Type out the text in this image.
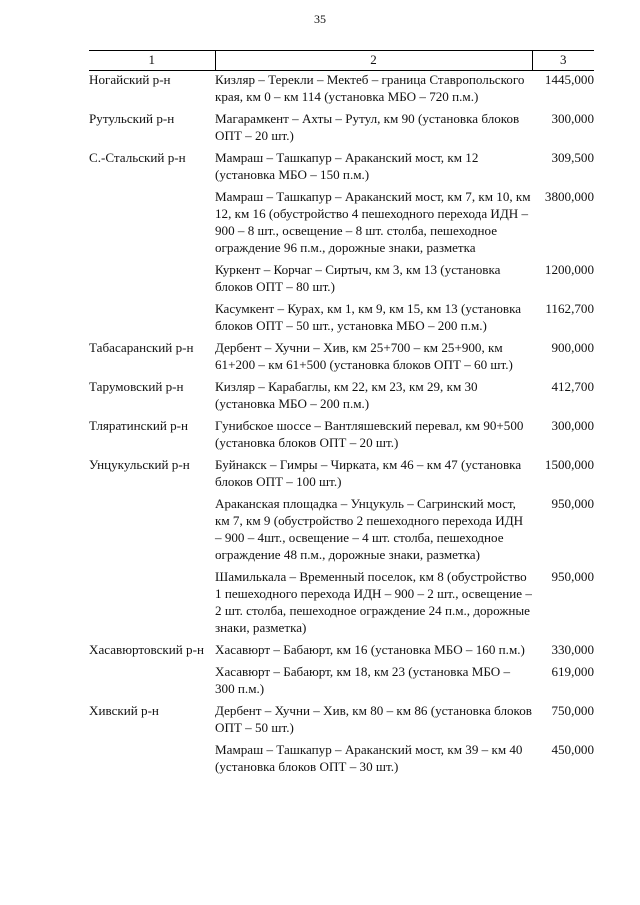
35
1	2	3
Ногайский р-н	Кизляр – Терекли – Мектеб – граница Ставропольского края, км 0 – км 114 (установка МБО – 720 п.м.)	1445,000
Рутульский р-н	Магарамкент – Ахты – Рутул, км 90 (установка блоков ОПТ – 20 шт.)	300,000
С.-Стальский р-н	Мамраш – Ташкапур – Араканский мост, км 12 (установка МБО – 150 п.м.)	309,500
	Мамраш – Ташкапур – Араканский мост, км 7, км 10, км 12, км 16 (обустройство 4 пешеходного перехода ИДН – 900 – 8 шт., освещение – 8 шт. столба, пешеходное ограждение 96 п.м., дорожные знаки, разметка	3800,000
	Куркент – Корчаг – Сиртыч, км 3, км 13 (установка блоков ОПТ – 80 шт.)	1200,000
	Касумкент – Курах, км 1, км 9, км 15, км 13 (установка блоков ОПТ – 50 шт., установка МБО – 200 п.м.)	1162,700
Табасаранский р-н	Дербент – Хучни – Хив, км 25+700 – км 25+900, км 61+200 – км 61+500 (установка блоков ОПТ – 60 шт.)	900,000
Тарумовский р-н	Кизляр – Карабаглы, км 22, км 23, км 29, км 30 (установка МБО – 200 п.м.)	412,700
Тляратинский р-н	Гунибское шоссе – Вантляшевский перевал, км 90+500 (установка блоков ОПТ – 20 шт.)	300,000
Унцукульский р-н	Буйнакск – Гимры – Чирката, км 46 – км 47 (установка блоков ОПТ – 100 шт.)	1500,000
	Араканская площадка – Унцукуль – Сагринский мост, км 7, км 9 (обустройство 2 пешеходного перехода ИДН – 900 – 4шт., освещение – 4 шт. столба, пешеходное ограждение 48 п.м., дорожные знаки, разметка)	950,000
	Шамилькала – Временный поселок, км 8 (обустройство 1 пешеходного перехода ИДН – 900 – 2 шт., освещение – 2 шт. столба, пешеходное ограждение 24 п.м., дорожные знаки, разметка)	950,000
Хасавюртовский р-н	Хасавюрт – Бабаюрт, км 16 (установка МБО – 160 п.м.)	330,000
	Хасавюрт – Бабаюрт, км 18, км 23 (установка МБО – 300 п.м.)	619,000
Хивский р-н	Дербент – Хучни – Хив, км 80 – км 86 (установка блоков ОПТ – 50 шт.)	750,000
	Мамраш – Ташкапур – Араканский мост, км 39 – км 40 (установка блоков ОПТ – 30 шт.)	450,000
